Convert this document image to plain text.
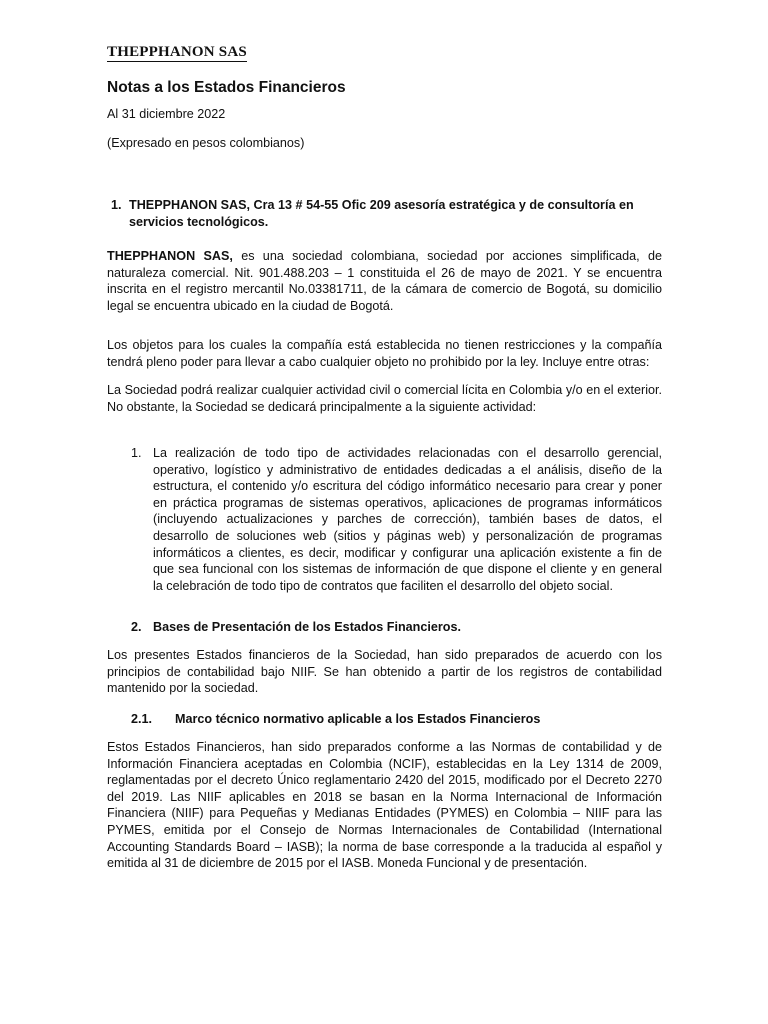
THEPPHANON SAS
Notas a los Estados Financieros
Al 31 diciembre 2022
(Expresado en pesos colombianos)
1. THEPPHANON SAS, Cra 13 # 54-55 Ofic 209 asesoría estratégica y de consultoría en servicios tecnológicos.

THEPPHANON SAS, es una sociedad colombiana, sociedad por acciones simplificada, de naturaleza comercial. Nit. 901.488.203 – 1 constituida el 26 de mayo de 2021. Y se encuentra inscrita en el registro mercantil No.03381711, de la cámara de comercio de Bogotá, su domicilio legal se encuentra ubicado en la ciudad de Bogotá.

Los objetos para los cuales la compañía está establecida no tienen restricciones y la compañía tendrá pleno poder para llevar a cabo cualquier objeto no prohibido por la ley. Incluye entre otras:

La Sociedad podrá realizar cualquier actividad civil o comercial lícita en Colombia y/o en el exterior. No obstante, la Sociedad se dedicará principalmente a la siguiente actividad:

1. La realización de todo tipo de actividades relacionadas con el desarrollo gerencial, operativo, logístico y administrativo de entidades dedicadas a el análisis, diseño de la estructura, el contenido y/o escritura del código informático necesario para crear y poner en práctica programas de sistemas operativos, aplicaciones de programas informáticos (incluyendo actualizaciones y parches de corrección), también bases de datos, el desarrollo de soluciones web (sitios y páginas web) y personalización de programas informáticos a clientes, es decir, modificar y configurar una aplicación existente a fin de que sea funcional con los sistemas de información de que dispone el cliente y en general la celebración de todo tipo de contratos que faciliten el desarrollo del objeto social.

2. Bases de Presentación de los Estados Financieros.

Los presentes Estados financieros de la Sociedad, han sido preparados de acuerdo con los principios de contabilidad bajo NIIF. Se han obtenido a partir de los registros de contabilidad mantenido por la sociedad.

2.1. Marco técnico normativo aplicable a los Estados Financieros

Estos Estados Financieros, han sido preparados conforme a las Normas de contabilidad y de Información Financiera aceptadas en Colombia (NCIF), establecidas en la Ley 1314 de 2009, reglamentadas por el decreto Único reglamentario 2420 del 2015, modificado por el Decreto 2270 del 2019. Las NIIF aplicables en 2018 se basan en la Norma Internacional de Información Financiera (NIIF) para Pequeñas y Medianas Entidades (PYMES) en Colombia – NIIF para las PYMES, emitida por el Consejo de Normas Internacionales de Contabilidad (International Accounting Standards Board – IASB); la norma de base corresponde a la traducida al español y emitida al 31 de diciembre de 2015 por el IASB. Moneda Funcional y de presentación.
